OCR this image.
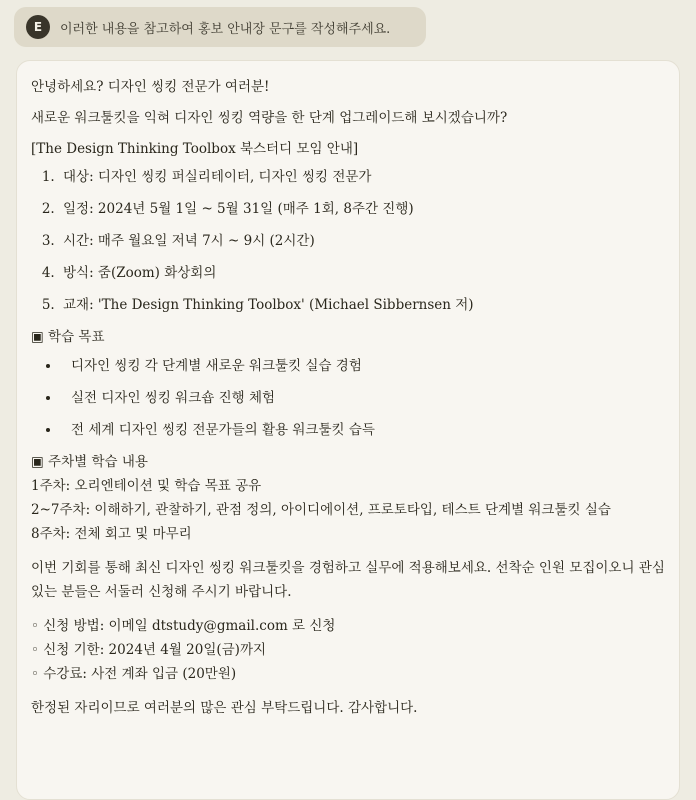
E	이러한 내용을 참고하여 홍보 안내장 문구를 작성해주세요.

안녕하세요? 디자인 씽킹 전문가 여러분!

새로운 워크툴킷을 익혀 디자인 씽킹 역량을 한 단계 업그레이드해 보시겠습니까?

[The Design Thinking Toolbox 북스터디 모임 안내]

1. 대상: 디자인 씽킹 퍼실리테이터, 디자인 씽킹 전문가
2. 일정: 2024년 5월 1일 ~ 5월 31일 (매주 1회, 8주간 진행)
3. 시간: 매주 월요일 저녁 7시 ~ 9시 (2시간)
4. 방식: 줌(Zoom) 화상회의
5. 교재: 'The Design Thinking Toolbox' (Michael Sibbernsen 저)

▣ 학습 목표

• 디자인 씽킹 각 단계별 새로운 워크툴킷 실습 경험
• 실전 디자인 씽킹 워크숍 진행 체험
• 전 세계 디자인 씽킹 전문가들의 활용 워크툴킷 습득

▣ 주차별 학습 내용

1주차: 오리엔테이션 및 학습 목표 공유

2~7주차: 이해하기, 관찰하기, 관점 정의, 아이디에이션, 프로토타입, 테스트 단계별 워크툴킷 실습

8주차: 전체 회고 및 마무리

이번 기회를 통해 최신 디자인 씽킹 워크툴킷을 경험하고 실무에 적용해보세요. 선착순 인원 모집이오니 관심 있는 분들은 서둘러 신청해 주시기 바랍니다.

◦ 신청 방법: 이메일 dtstudy@gmail.com 로 신청

◦ 신청 기한: 2024년 4월 20일(금)까지

◦ 수강료: 사전 계좌 입금 (20만원)

한정된 자리이므로 여러분의 많은 관심 부탁드립니다. 감사합니다.
